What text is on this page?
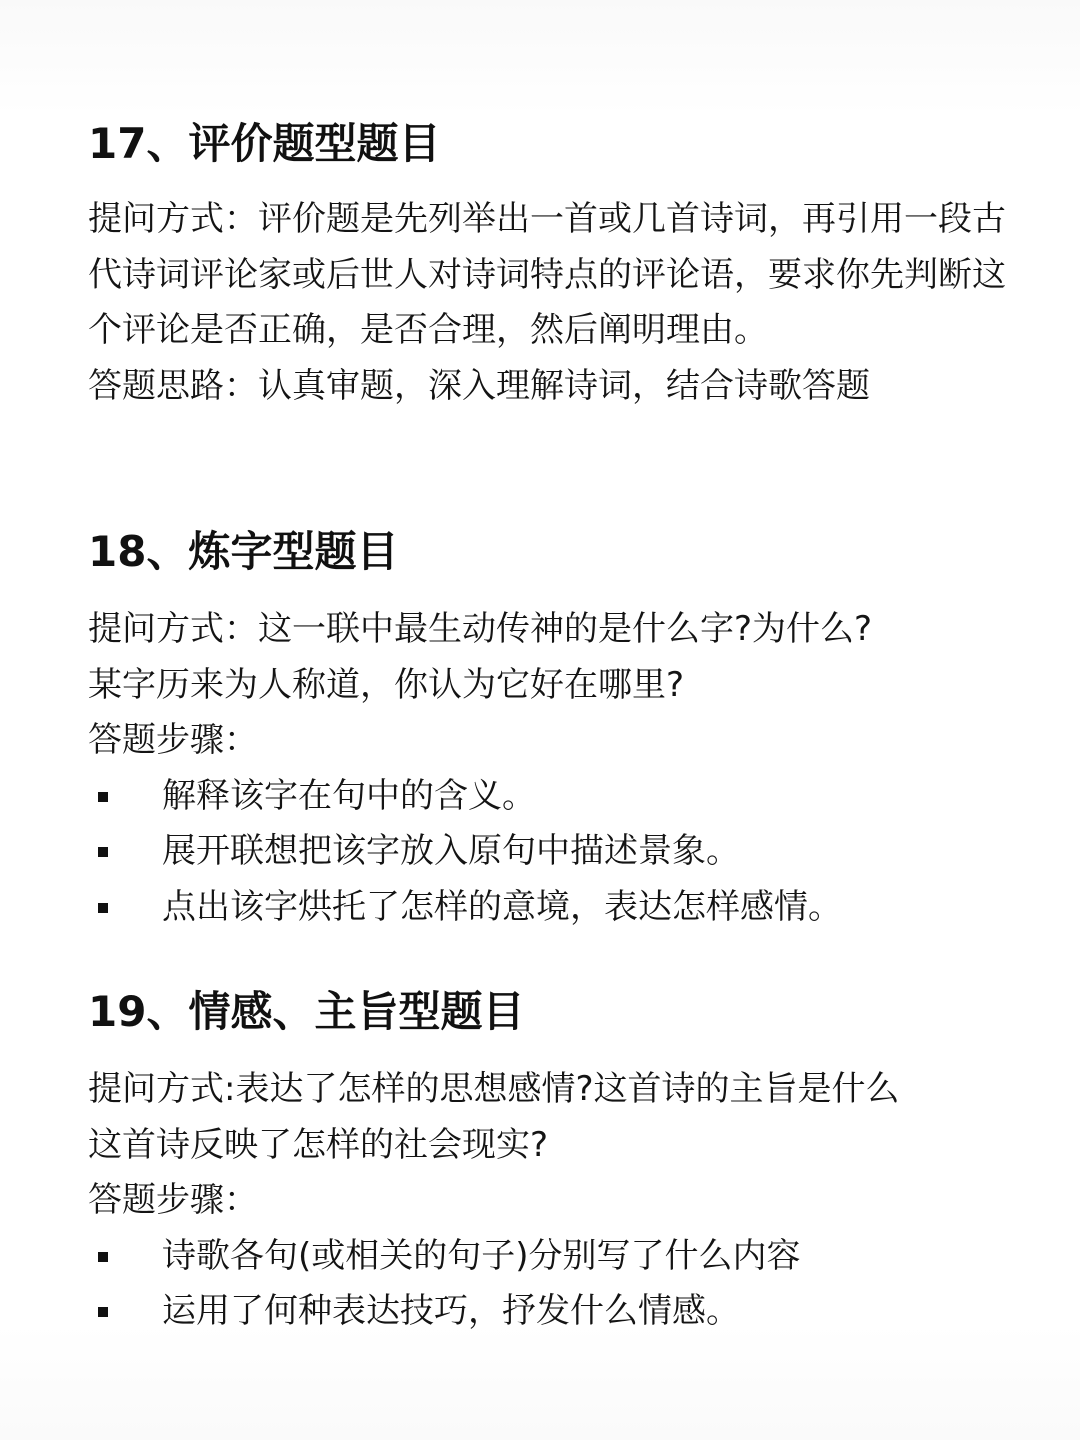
17、评价题型题目

提问方式：评价题是先列举出一首或几首诗词，再引用一段古代诗词评论家或后世人对诗词特点的评论语，要求你先判断这个评论是否正确，是否合理，然后阐明理由。

答题思路：认真审题，深入理解诗词，结合诗歌答题

18、炼字型题目

提问方式：这一联中最生动传神的是什么字?为什么?

某字历来为人称道，你认为它好在哪里?

答题步骤：

解释该字在句中的含义。
展开联想把该字放入原句中描述景象。
点出该字烘托了怎样的意境，表达怎样感情。
19、情感、主旨型题目

提问方式:表达了怎样的思想感情?这首诗的主旨是什么

这首诗反映了怎样的社会现实?

答题步骤：

诗歌各句(或相关的句子)分别写了什么内容
运用了何种表达技巧，抒发什么情感。
